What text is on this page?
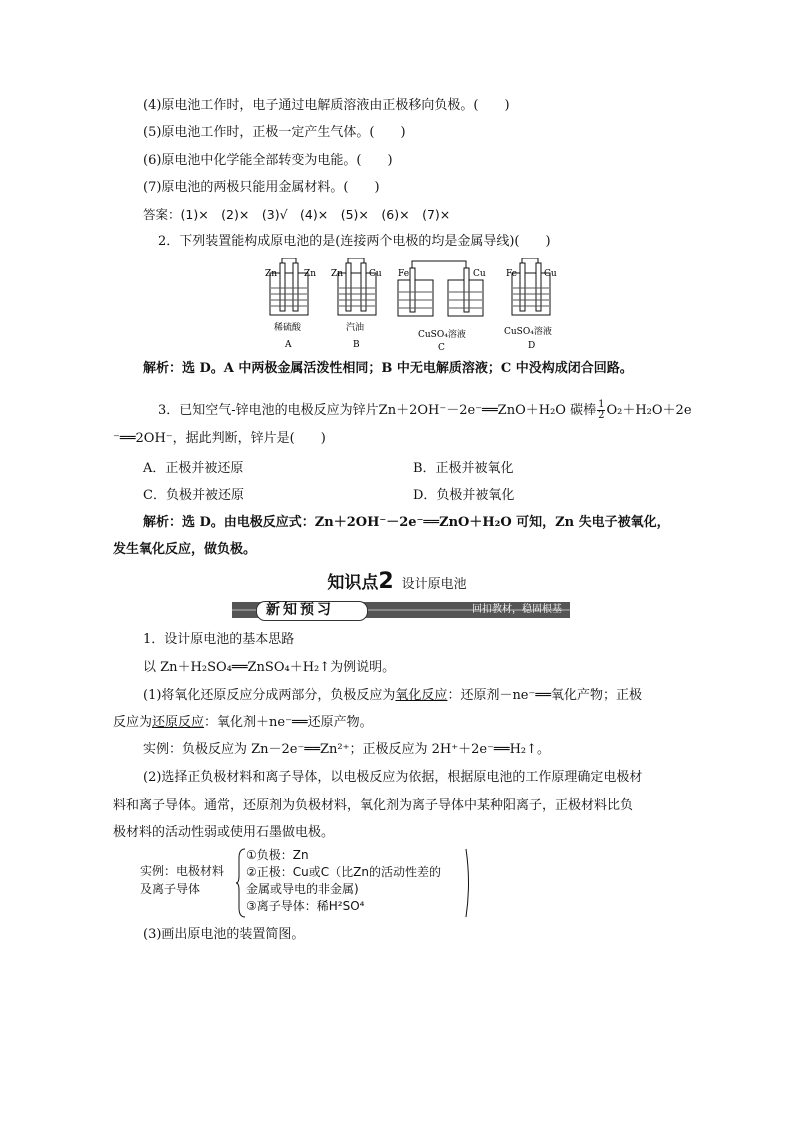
(4)原电池工作时，电子通过电解质溶液由正极移向负极。(　　)
(5)原电池工作时，正极一定产生气体。(　　)
(6)原电池中化学能全部转变为电能。(　　)
(7)原电池的两极只能用金属材料。(　　)
答案：(1)×　(2)×　(3)√　(4)×　(5)×　(6)×　(7)×
2．下列装置能构成原电池的是(连接两个电极的均是金属导线)(　　)
Zn	Zn
稀硫酸
A
Zn	Cu
汽油
B
Fe	Cu
CuSO₄溶液
C
Fe	Cu
CuSO₄溶液
D
解析：选 D。A 中两极金属活泼性相同；B 中无电解质溶液；C 中没构成闭合回路。
3．已知空气-锌电池的电极反应为锌片Zn＋2OH⁻－2e⁻══ZnO＋H₂O 碳棒 $\frac{1}{2} O_2+H_2O+2e$
⁻══2OH⁻，据此判断，锌片是(　　)
A．正极并被还原	B．正极并被氧化
C．负极并被还原	D．负极并被氧化
解析：选 D。由电极反应式：Zn＋2OH⁻－2e⁻══ZnO＋H₂O 可知，Zn 失电子被氧化，
发生氧化反应，做负极。
知识点2 设计原电池
新知预习	回扣教材，稳固根基
1．设计原电池的基本思路
以 Zn＋H₂SO₄══ZnSO₄＋H₂↑为例说明。
(1)将氧化还原反应分成两部分，负极反应为氧化反应：还原剂－ne⁻══氧化产物；正极
反应为还原反应：氧化剂＋ne⁻══还原产物。
实例：负极反应为 Zn－2e⁻══Zn²⁺；正极反应为 2H⁺＋2e⁻══H₂↑。
(2)选择正负极材料和离子导体，以电极反应为依据，根据原电池的工作原理确定电极材
料和离子导体。通常，还原剂为负极材料，氧化剂为离子导体中某种阳离子，正极材料比负
极材料的活动性弱或使用石墨做电极。
实例：电极材料
及离子导体
①负极：Zn
②正极：Cu或C（比Zn的活动性差的
金属或导电的非金属)
③离子导体：稀H²SO⁴
(3)画出原电池的装置简图。
